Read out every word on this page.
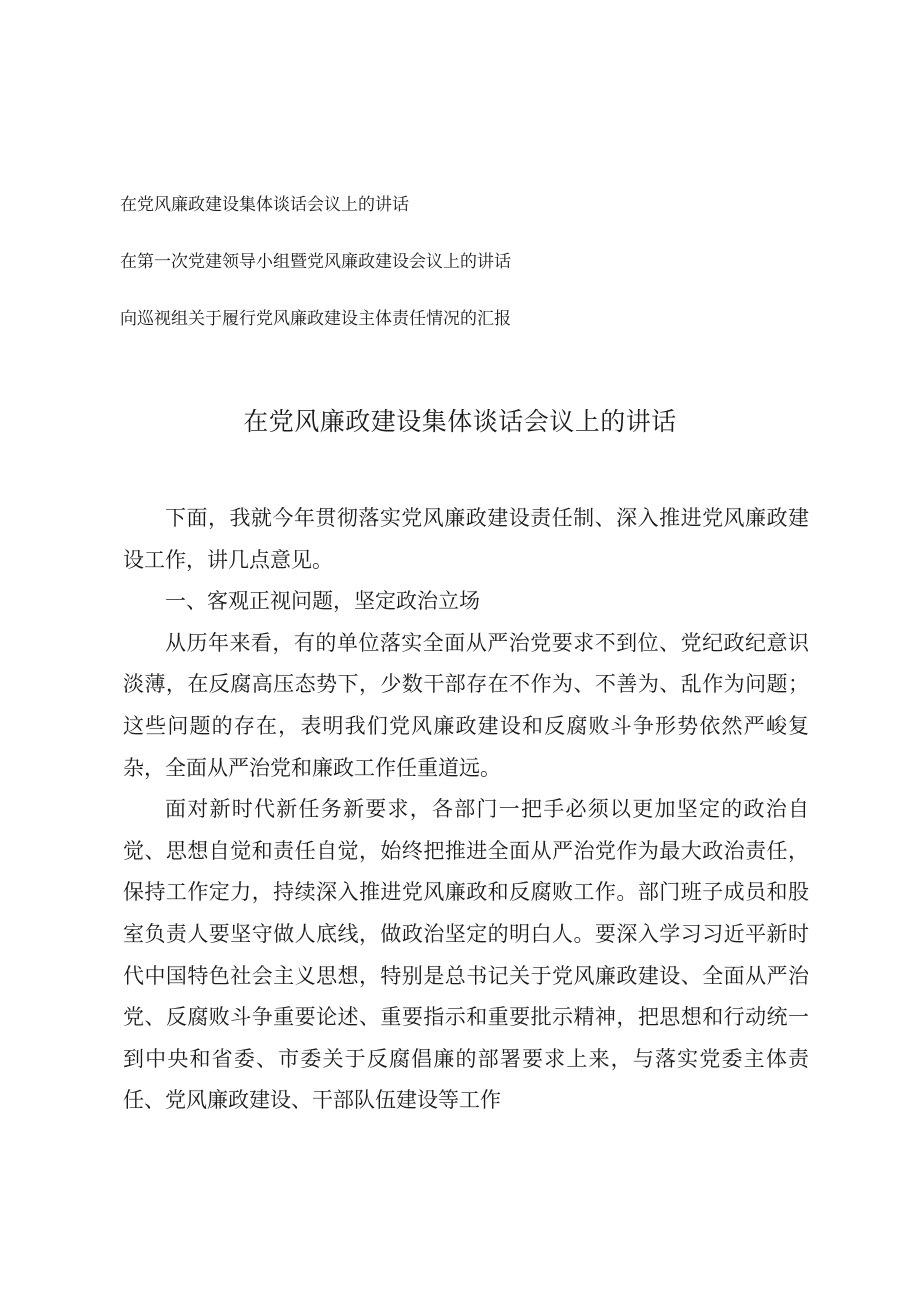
在党风廉政建设集体谈话会议上的讲话
在第一次党建领导小组暨党风廉政建设会议上的讲话
向巡视组关于履行党风廉政建设主体责任情况的汇报
在党风廉政建设集体谈话会议上的讲话

下面，我就今年贯彻落实党风廉政建设责任制、深入推进党风廉政建设工作，讲几点意见。

一、客观正视问题，坚定政治立场

从历年来看，有的单位落实全面从严治党要求不到位、党纪政纪意识淡薄，在反腐高压态势下，少数干部存在不作为、不善为、乱作为问题；这些问题的存在，表明我们党风廉政建设和反腐败斗争形势依然严峻复杂，全面从严治党和廉政工作任重道远。

面对新时代新任务新要求，各部门一把手必须以更加坚定的政治自觉、思想自觉和责任自觉，始终把推进全面从严治党作为最大政治责任，保持工作定力，持续深入推进党风廉政和反腐败工作。部门班子成员和股室负责人要坚守做人底线，做政治坚定的明白人。要深入学习习近平新时代中国特色社会主义思想，特别是总书记关于党风廉政建设、全面从严治党、反腐败斗争重要论述、重要指示和重要批示精神，把思想和行动统一到中央和省委、市委关于反腐倡廉的部署要求上来，与落实党委主体责任、党风廉政建设、干部队伍建设等工作
